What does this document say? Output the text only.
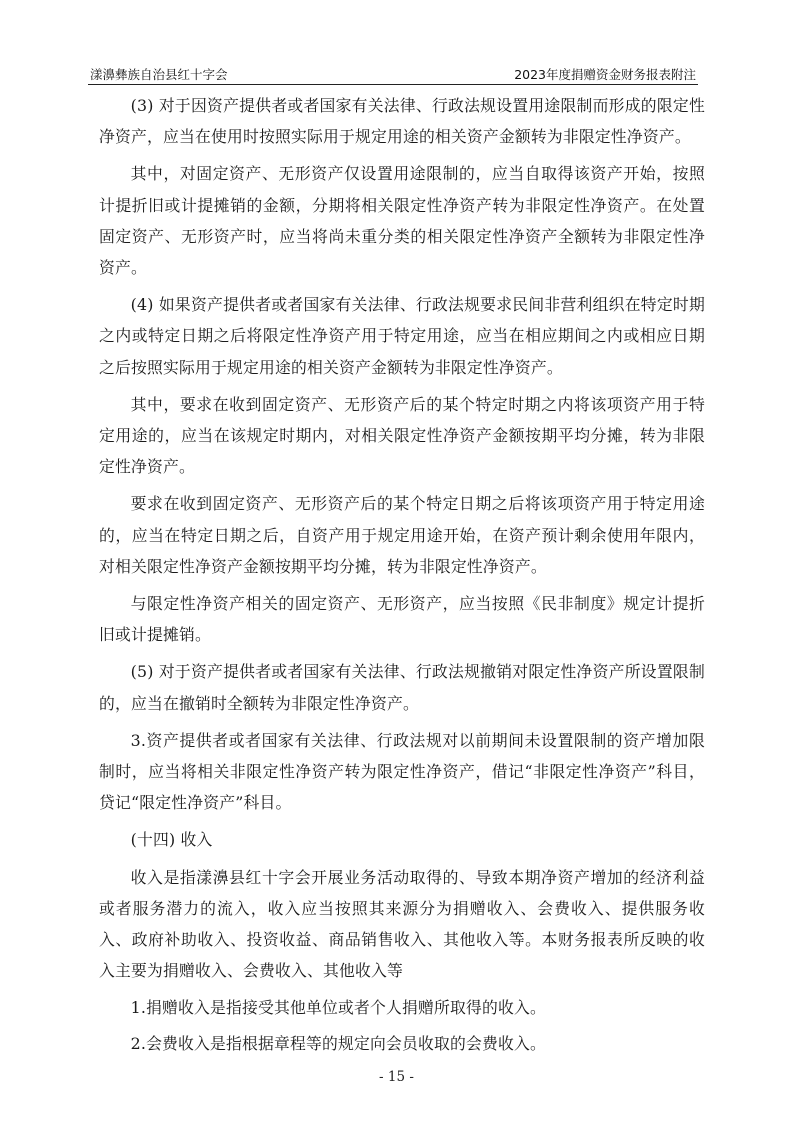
漾濞彝族自治县红十字会	2023年度捐赠资金财务报表附注

(3) 对于因资产提供者或者国家有关法律、行政法规设置用途限制而形成的限定性净资产，应当在使用时按照实际用于规定用途的相关资产金额转为非限定性净资产。

其中，对固定资产、无形资产仅设置用途限制的，应当自取得该资产开始，按照计提折旧或计提摊销的金额，分期将相关限定性净资产转为非限定性净资产。在处置固定资产、无形资产时，应当将尚未重分类的相关限定性净资产全额转为非限定性净资产。

(4) 如果资产提供者或者国家有关法律、行政法规要求民间非营利组织在特定时期之内或特定日期之后将限定性净资产用于特定用途，应当在相应期间之内或相应日期之后按照实际用于规定用途的相关资产金额转为非限定性净资产。

其中，要求在收到固定资产、无形资产后的某个特定时期之内将该项资产用于特定用途的，应当在该规定时期内，对相关限定性净资产金额按期平均分摊，转为非限定性净资产。

要求在收到固定资产、无形资产后的某个特定日期之后将该项资产用于特定用途的，应当在特定日期之后，自资产用于规定用途开始，在资产预计剩余使用年限内，对相关限定性净资产金额按期平均分摊，转为非限定性净资产。

与限定性净资产相关的固定资产、无形资产，应当按照《民非制度》规定计提折旧或计提摊销。

(5) 对于资产提供者或者国家有关法律、行政法规撤销对限定性净资产所设置限制的，应当在撤销时全额转为非限定性净资产。

3.资产提供者或者国家有关法律、行政法规对以前期间未设置限制的资产增加限制时，应当将相关非限定性净资产转为限定性净资产，借记“非限定性净资产”科目，贷记“限定性净资产”科目。

(十四) 收入

收入是指漾濞县红十字会开展业务活动取得的、导致本期净资产增加的经济利益或者服务潜力的流入，收入应当按照其来源分为捐赠收入、会费收入、提供服务收入、政府补助收入、投资收益、商品销售收入、其他收入等。本财务报表所反映的收入主要为捐赠收入、会费收入、其他收入等

1.捐赠收入是指接受其他单位或者个人捐赠所取得的收入。

2.会费收入是指根据章程等的规定向会员收取的会费收入。

- 15 -
